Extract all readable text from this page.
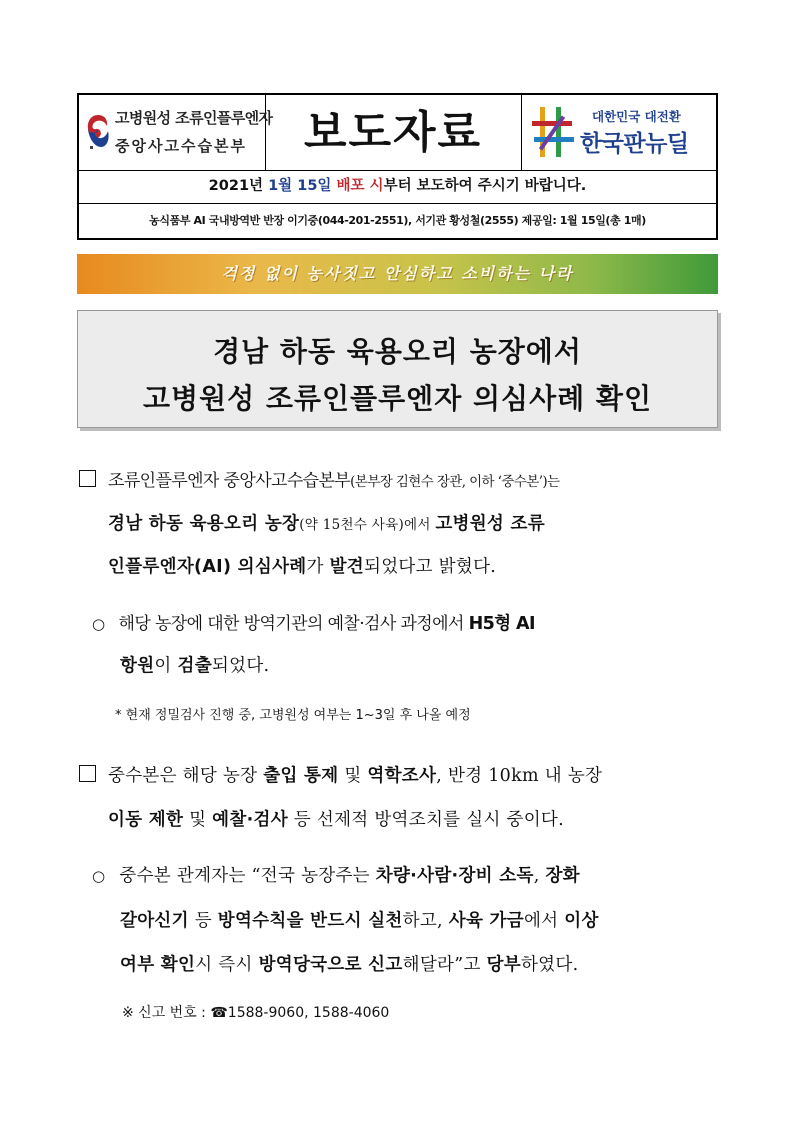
고병원성 조류인플루엔자
중앙사고수습본부	보도자료	대한민국 대전환
한국판뉴딜
2021년 1월 15일 배포 시부터 보도하여 주시기 바랍니다.
농식품부 AI 국내방역반 반장 이기중(044-201-2551), 서기관 황성철(2555) 제공일: 1월 15일(총 1매)
걱정 없이 농사짓고 안심하고 소비하는 나라
경남 하동 육용오리 농장에서
고병원성 조류인플루엔자 의심사례 확인
조류인플루엔자 중앙사고수습본부(본부장 김현수 장관, 이하 ‘중수본’)는
경남 하동 육용오리 농장(약 15천수 사육)에서 고병원성 조류
인플루엔자(AI) 의심사례가 발견되었다고 밝혔다.
○ 해당 농장에 대한 방역기관의 예찰·검사 과정에서 H5형 AI
항원이 검출되었다.
* 현재 정밀검사 진행 중, 고병원성 여부는 1~3일 후 나올 예정
중수본은 해당 농장 출입 통제 및 역학조사, 반경 10km 내 농장
이동 제한 및 예찰·검사 등 선제적 방역조치를 실시 중이다.
○ 중수본 관계자는 “전국 농장주는 차량·사람·장비 소독, 장화
갈아신기 등 방역수칙을 반드시 실천하고, 사육 가금에서 이상
여부 확인시 즉시 방역당국으로 신고해달라”고 당부하였다.
※ 신고 번호 : ☎1588-9060, 1588-4060
